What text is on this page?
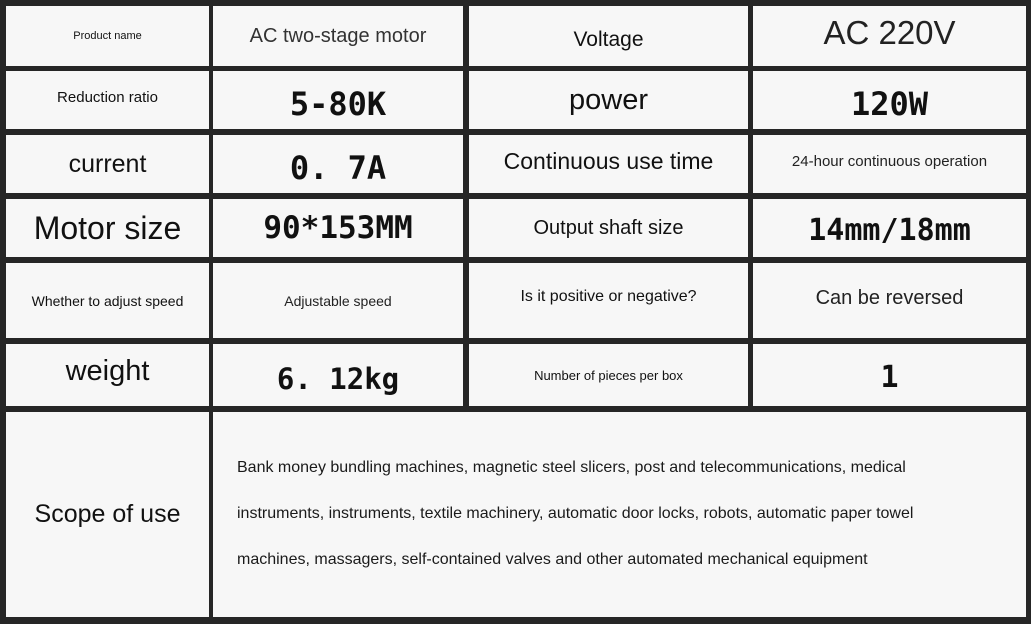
Product name	AC two-stage motor	Voltage	AC 220V
Reduction ratio	5-80K	power	120W
current	0. 7A	Continuous use time	24-hour continuous operation
Motor size	90*153MM	Output shaft size	14mm/18mm
Whether to adjust speed	Adjustable speed	Is it positive or negative?	Can be reversed
weight	6. 12kg	Number of pieces per box	1
Scope of use
Bank money bundling machines, magnetic steel slicers, post and telecommunications, medical
instruments, instruments, textile machinery, automatic door locks, robots, automatic paper towel
machines, massagers, self-contained valves and other automated mechanical equipment
